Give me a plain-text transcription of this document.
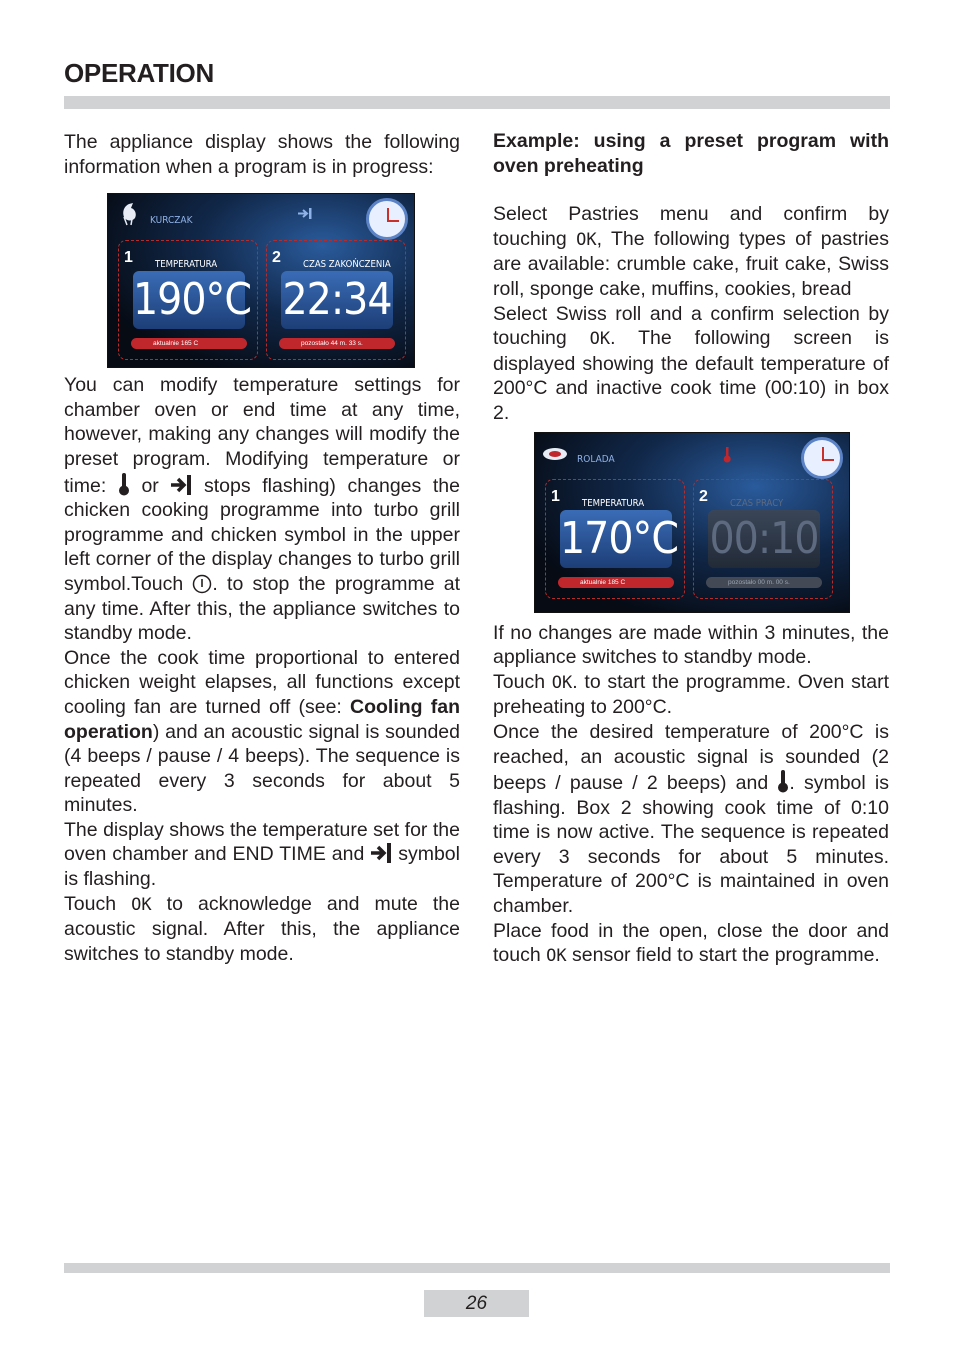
OPERATION

The appliance display shows the following information when a program is in progress:

KURCZAK
1 TEMPERATURA
190°C
aktualnie 165 C
2 CZAS ZAKOŃCZENIA
22:34
pozostało 44 m. 33 s.

You can modify temperature settings for chamber oven or end time at any time, however, making any changes will modify the preset program. Modifying temperature or time:  or  stops flashing) changes the chicken cooking programme into turbo grill programme and chicken symbol in the upper left corner of the display changes to turbo grill symbol.Touch . to stop the programme at any time. After this, the appliance switches to standby mode.

Once the cook time proportional to entered chicken weight elapses, all functions except cooling fan are turned off (see: Cooling fan operation) and an acoustic signal is sounded (4 beeps / pause / 4 beeps). The sequence is repeated every 3 seconds for about 5 minutes.

The display shows the temperature set for the oven chamber and END TIME and  symbol is flashing.

Touch OK to acknowledge and mute the acoustic signal. After this, the appliance switches to standby mode.

Example: using a preset program with oven preheating

Select Pastries menu and confirm by touching OK, The following types of pastries are available: crumble cake, fruit cake, Swiss roll, sponge cake, muffins, cookies, bread

Select Swiss roll and a confirm selection by touching OK. The following screen is displayed showing the default temperature of 200°C and inactive cook time (00:10) in box 2.

ROLADA
1 TEMPERATURA
170°C
aktualnie 185 C
2 CZAS PRACY
00:10
pozostało 00 m. 00 s.

If no changes are made within 3 minutes, the appliance switches to standby mode.

Touch OK. to start the programme. Oven start preheating to 200°C.

Once the desired temperature of 200°C is reached, an acoustic signal is sounded (2 beeps / pause / 2 beeps) and . symbol is flashing. Box 2 showing cook time of 0:10 time is now active. The sequence is repeated every 3 seconds for about 5 minutes. Temperature of 200°C is maintained in oven chamber.

Place food in the open, close the door and touch OK sensor field to start the programme.

26
